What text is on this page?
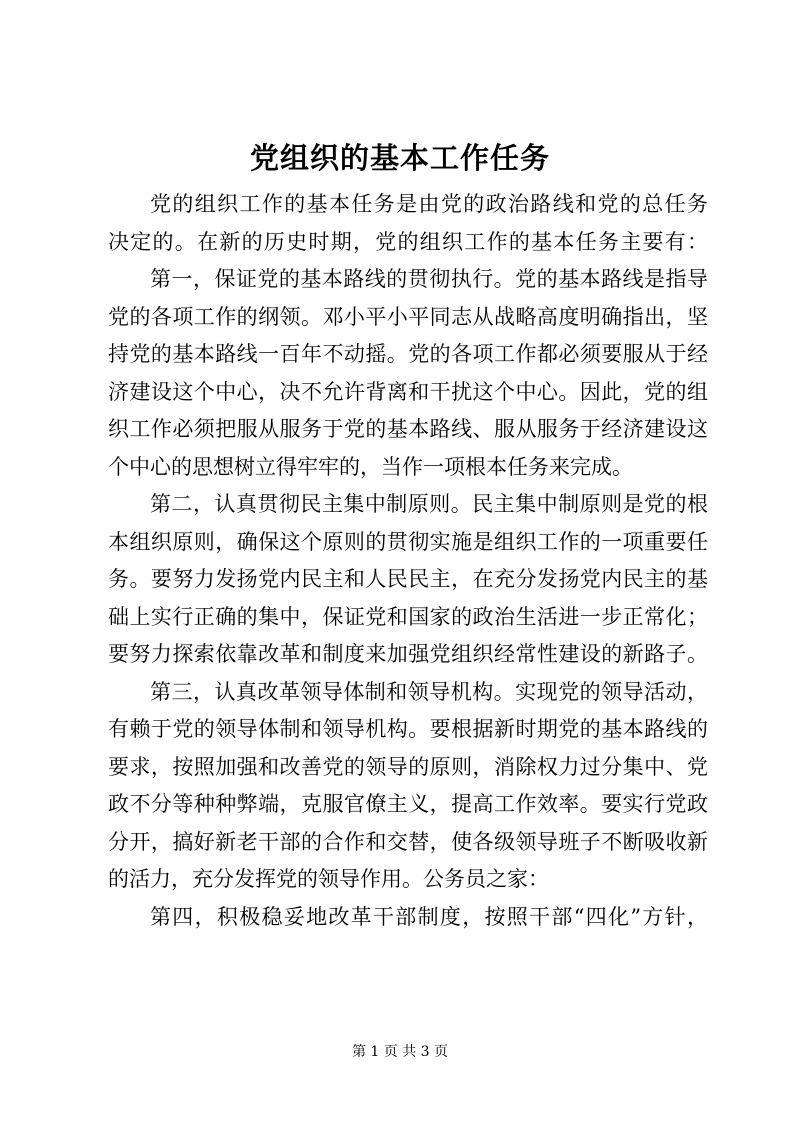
党组织的基本工作任务
党的组织工作的基本任务是由党的政治路线和党的总任务
决定的。在新的历史时期，党的组织工作的基本任务主要有：
第一，保证党的基本路线的贯彻执行。党的基本路线是指导
党的各项工作的纲领。邓小平小平同志从战略高度明确指出，坚
持党的基本路线一百年不动摇。党的各项工作都必须要服从于经
济建设这个中心，决不允许背离和干扰这个中心。因此，党的组
织工作必须把服从服务于党的基本路线、服从服务于经济建设这
个中心的思想树立得牢牢的，当作一项根本任务来完成。
第二，认真贯彻民主集中制原则。民主集中制原则是党的根
本组织原则，确保这个原则的贯彻实施是组织工作的一项重要任
务。要努力发扬党内民主和人民民主，在充分发扬党内民主的基
础上实行正确的集中，保证党和国家的政治生活进一步正常化；
要努力探索依靠改革和制度来加强党组织经常性建设的新路子。
第三，认真改革领导体制和领导机构。实现党的领导活动，
有赖于党的领导体制和领导机构。要根据新时期党的基本路线的
要求，按照加强和改善党的领导的原则，消除权力过分集中、党
政不分等种种弊端，克服官僚主义，提高工作效率。要实行党政
分开，搞好新老干部的合作和交替，使各级领导班子不断吸收新
的活力，充分发挥党的领导作用。公务员之家：
第四，积极稳妥地改革干部制度，按照干部“四化”方针，
第 1 页 共 3 页
